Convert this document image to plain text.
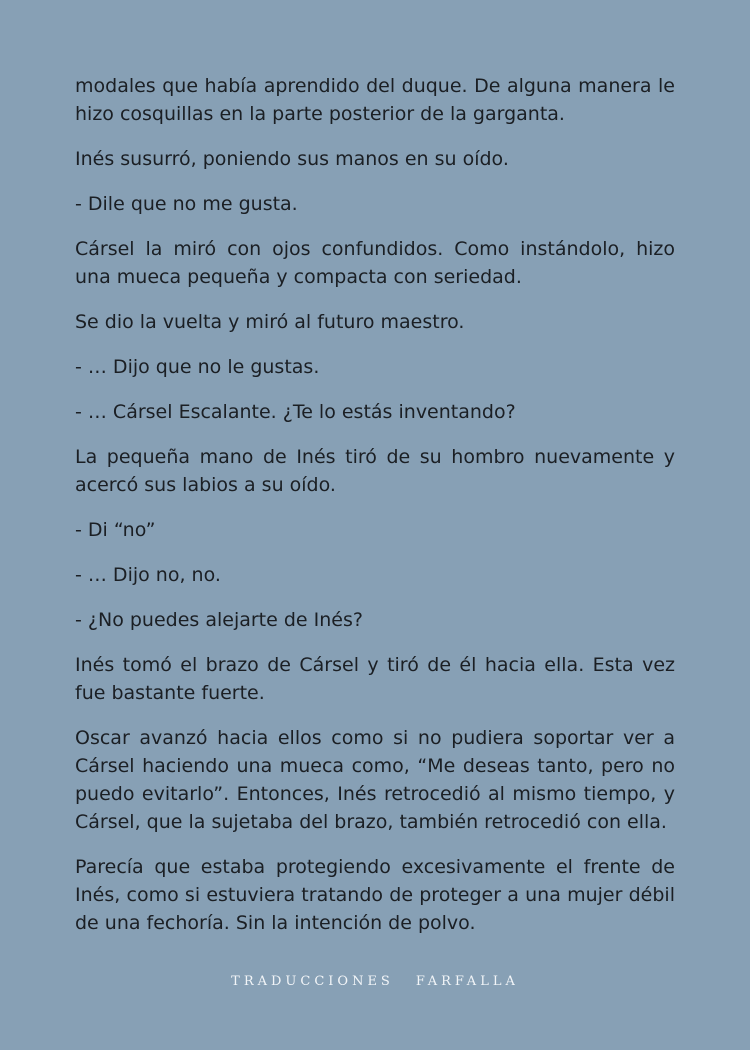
modales que había aprendido del duque. De alguna manera le hizo cosquillas en la parte posterior de la garganta.

Inés susurró, poniendo sus manos en su oído.

- Dile que no me gusta.

Cársel la miró con ojos confundidos. Como instándolo, hizo una mueca pequeña y compacta con seriedad.

Se dio la vuelta y miró al futuro maestro.

- … Dijo que no le gustas.

- … Cársel Escalante. ¿Te lo estás inventando?

La pequeña mano de Inés tiró de su hombro nuevamente y acercó sus labios a su oído.

- Di “no”

- … Dijo no, no.

- ¿No puedes alejarte de Inés?

Inés tomó el brazo de Cársel y tiró de él hacia ella. Esta vez fue bastante fuerte.

Oscar avanzó hacia ellos como si no pudiera soportar ver a Cársel haciendo una mueca como, “Me deseas tanto, pero no puedo evitarlo”. Entonces, Inés retrocedió al mismo tiempo, y Cársel, que la sujetaba del brazo, también retrocedió con ella.

Parecía que estaba protegiendo excesivamente el frente de Inés, como si estuviera tratando de proteger a una mujer débil de una fechoría. Sin la intención de polvo.

TRADUCCIONES FARFALLA
